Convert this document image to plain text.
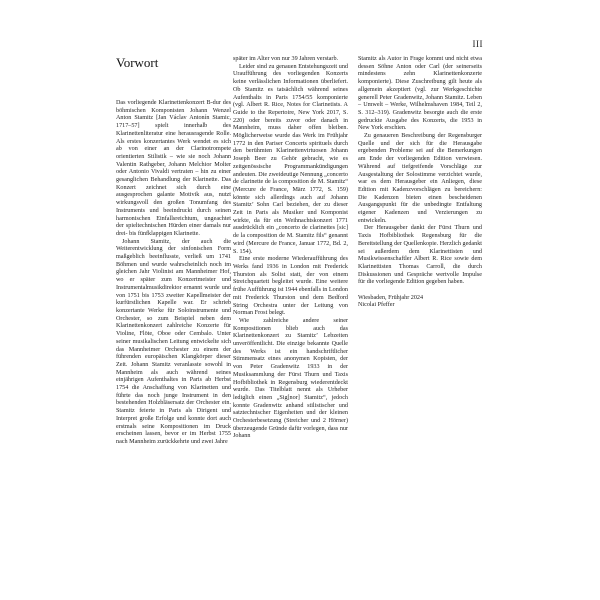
III
Vorwort

Das vorliegende Klarinettenkonzert B-dur des böhmischen Komponisten Johann Wenzel Anton Stamitz [Jan Václav Antonín Stamic, 1717–57] spielt innerhalb des Klarinettenliteratur eine herausragende Rolle. Als erstes konzertantes Werk wendet es sich ab von einer an der Clarinotrompete orientierten Stilistik – wie sie noch Johann Valentin Rathgeber, Johann Melchior Molter oder Antonio Vivaldi vertraten – hin zu einer gesanglichen Behandlung der Klarinette. Das Konzert zeichnet sich durch eine ausgesprochen galante Motivik aus, nutzt wirkungsvoll den großen Tonumfang des Instruments und beeindruckt durch seinen harmonischen Einfallsreichtum, ungeachtet der spieltechnischen Hürden einer damals nur drei- bis fünfklappigen Klarinette.

Johann Stamitz, der auch die Weiterentwicklung der sinfonischen Form maßgeblich beeinflusste, verließ um 1741 Böhmen und wurde wahrscheinlich noch im gleichen Jahr Violinist am Mannheimer Hof, wo er später zum Konzertmeister und Instrumentalmusikdirektor ernannt wurde und von 1751 bis 1753 zweiter Kapellmeister der kurfürstlichen Kapelle war. Er schrieb konzertante Werke für Soloinstrumente und Orchester, so zum Beispiel neben dem Klarinettenkonzert zahlreiche Konzerte für Violine, Flöte, Oboe oder Cembalo. Unter seiner musikalischen Leitung entwickelte sich das Mannheimer Orchester zu einem der führenden europäischen Klangkörper dieser Zeit. Johann Stamitz veranlasste sowohl in Mannheim als auch während seines einjährigen Aufenthaltes in Paris ab Herbst 1754 die Anschaffung von Klarinetten und führte das noch junge Instrument in den bestehenden Holzbläsersatz der Orchester ein. Stamitz feierte in Paris als Dirigent und Interpret große Erfolge und konnte dort auch erstmals seine Kompositionen im Druck erscheinen lassen, bevor er im Herbst 1755 nach Mannheim zurückkehrte und zwei Jahre

später im Alter von nur 39 Jahren verstarb.

Leider sind zu genauen Entstehungszeit und Uraufführung des vorliegenden Konzerts keine verlässlichen Informationen überliefert. Ob Stamitz es tatsächlich während seines Aufenthalts in Paris 1754/55 komponierte (vgl. Albert R. Rice, Notes for Clarinetists. A Guide to the Repertoire, New York 2017, S. 220) oder bereits zuvor oder danach in Mannheim, muss daher offen bleiben. Möglicherweise wurde das Werk im Frühjahr 1772 in den Pariser Concerts spirituels durch den berühmten Klarinettenvirtuosen Johann Joseph Beer zu Gehör gebracht, wie es zeitgenössische Programmankündigungen andeuten. Die zweideutige Nennung „concerto de clarinette de la composition de M. Stamitz“ (Mercure de France, März 1772, S. 159) könnte sich allerdings auch auf Johann Stamitz’ Sohn Carl beziehen, der zu dieser Zeit in Paris als Musiker und Komponist wirkte, da für ein Weihnachtskonzert 1771 ausdrücklich ein „concerto de clarinettes [sic] de la composition de M. Stamitz fils“ genannt wird (Mercure de France, Januar 1772, Bd. 2, S. 154).

Eine erste moderne Wiederaufführung des Werks fand 1936 in London mit Frederick Thurston als Solist statt, der von einem Streichquartett begleitet wurde. Eine weitere frühe Aufführung ist 1944 ebenfalls in London mit Frederick Thurston und dem Bedford String Orchestra unter der Leitung von Norman Frost belegt.

Wie zahlreiche andere seiner Kompositionen blieb auch das Klarinettenkonzert zu Stamitz’ Lebzeiten unveröffentlicht. Die einzige bekannte Quelle des Werks ist ein handschriftlicher Stimmensatz eines anonymen Kopisten, der von Peter Gradenwitz 1933 in der Musiksammlung der Fürst Thurn und Taxis Hofbibliothek in Regensburg wiederentdeckt wurde. Das Titelblatt nennt als Urheber lediglich einen „Sig[nor] Stamitz“, jedoch konnte Gradenwitz anhand stilistischer und satztechnischer Eigenheiten und der kleinen Orchesterbesetzung (Streicher und 2 Hörner) überzeugende Gründe dafür vorlegen, dass nur Johann

Stamitz als Autor in Frage kommt und nicht etwa dessen Söhne Anton oder Carl (der seinerseits mindestens zehn Klarinettenkonzerte komponierte). Diese Zuschreibung gilt heute als allgemein akzeptiert (vgl. zur Werkgeschichte generell Peter Gradenwitz, Johann Stamitz. Leben – Umwelt – Werke, Wilhelmshaven 1984, Teil 2, S. 312–319). Gradenwitz besorgte auch die erste gedruckte Ausgabe des Konzerts, die 1953 in New York erschien.

Zu genaueren Beschreibung der Regensburger Quelle und der sich für die Herausgabe ergebenden Probleme sei auf die Bemerkungen am Ende der vorliegenden Edition verwiesen. Während auf tiefgreifende Vorschläge zur Ausgestaltung der Solostimme verzichtet wurde, war es dem Herausgeber ein Anliegen, diese Edition mit Kadenzvorschlägen zu bereichern: Die Kadenzen bieten einen bescheidenen Ausgangspunkt für die unbedingte Entfaltung eigener Kadenzen und Verzierungen zu entwickeln.

Der Herausgeber dankt der Fürst Thurn und Taxis Hofbibliothek Regensburg für die Bereitstellung der Quellenkopie. Herzlich gedankt sei außerdem dem Klarinettisten und Musikwissenschaftler Albert R. Rice sowie dem Klarinettisten Thomas Carroll, die durch Diskussionen und Gespräche wertvolle Impulse für die vorliegende Edition gegeben haben.

Wiesbaden, Frühjahr 2024

Nicolai Pfeffer
